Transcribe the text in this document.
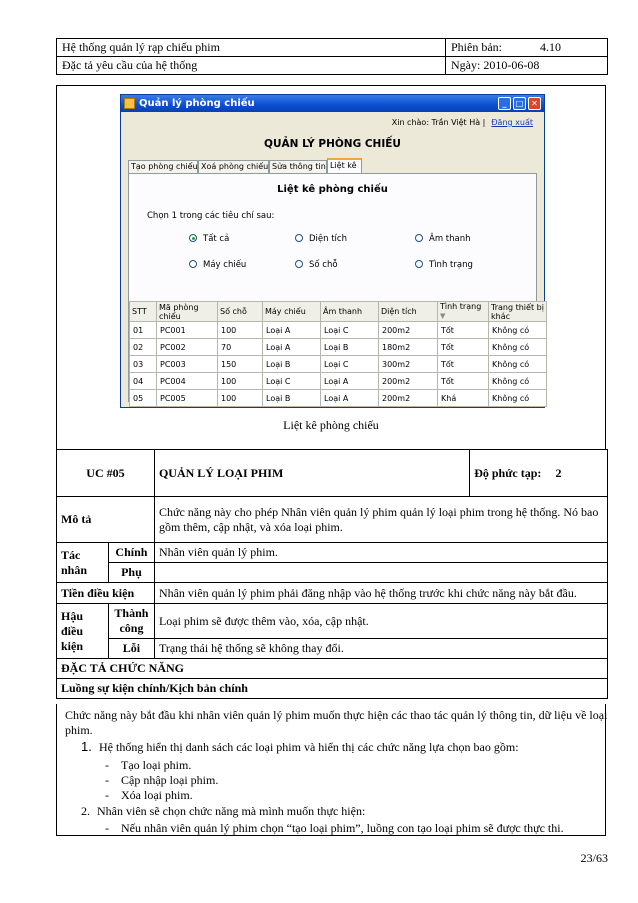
Hệ thống quản lý rạp chiếu phim	Phiên bản: 4.10
Đặc tả yêu cầu của hệ thống	Ngày: 2010-06-08
Quản lý phòng chiếu	_	□ ✕
Xin chào: Trần Việt Hà | Đăng xuất
QUẢN LÝ PHÒNG CHIẾU
Tạo phòng chiếu Xoá phòng chiếu Sửa thông tin Liệt kê
Liệt kê phòng chiếu
Chọn 1 trong các tiêu chí sau:
Tất cả	Diện tích	Âm thanh
Máy chiếu	Số chỗ	Tình trạng
STT	Mã phòng chiếu	Số chỗ	Máy chiếu	Âm thanh	Diện tích	Tình trạng ▼	Trang thiết bị khác
01	PC001	100	Loại A	Loại C	200m2	Tốt	Không có
02	PC002	70	Loại A	Loại B	180m2	Tốt	Không có
03	PC003	150	Loại B	Loại C	300m2	Tốt	Không có
04	PC004	100	Loại C	Loại A	200m2	Tốt	Không có
05	PC005	100	Loại B	Loại A	200m2	Khá	Không có
Liệt kê phòng chiếu
UC #05		QUẢN LÝ LOẠI PHIM	Độ phức tạp: 2
Mô tả		Chức năng này cho phép Nhân viên quản lý phim quản lý loại phim trong hệ thống. Nó bao gồm thêm, cập nhật, và xóa loại phim.	
Tác nhân	Chính	Nhân viên quản lý phim.	
	Phụ		
Tiền điều kiện		Nhân viên quản lý phim phải đăng nhập vào hệ thống trước khi chức năng này bắt đầu.	
Hậu điều kiện	Thành công	Loại phim sẽ được thêm vào, xóa, cập nhật.	
	Lỗi	Trạng thái hệ thống sẽ không thay đổi.	
ĐẶC TẢ CHỨC NĂNG			
Luồng sự kiện chính/Kịch bản chính			
Chức năng này bắt đầu khi nhân viên quản lý phim muốn thực hiện các thao tác quản lý thông tin, dữ liệu về loại
phim.
1. Hệ thống hiển thị danh sách các loại phim và hiển thị các chức năng lựa chọn bao gồm:
-    Tạo loại phim.
-    Cập nhập loại phim.
-    Xóa loại phim.
2. Nhân viên sẽ chọn chức năng mà mình muốn thực hiện:
-    Nếu nhân viên quản lý phim chọn “tạo loại phim”, luồng con tạo loại phim sẽ được thực thi.
23/63
